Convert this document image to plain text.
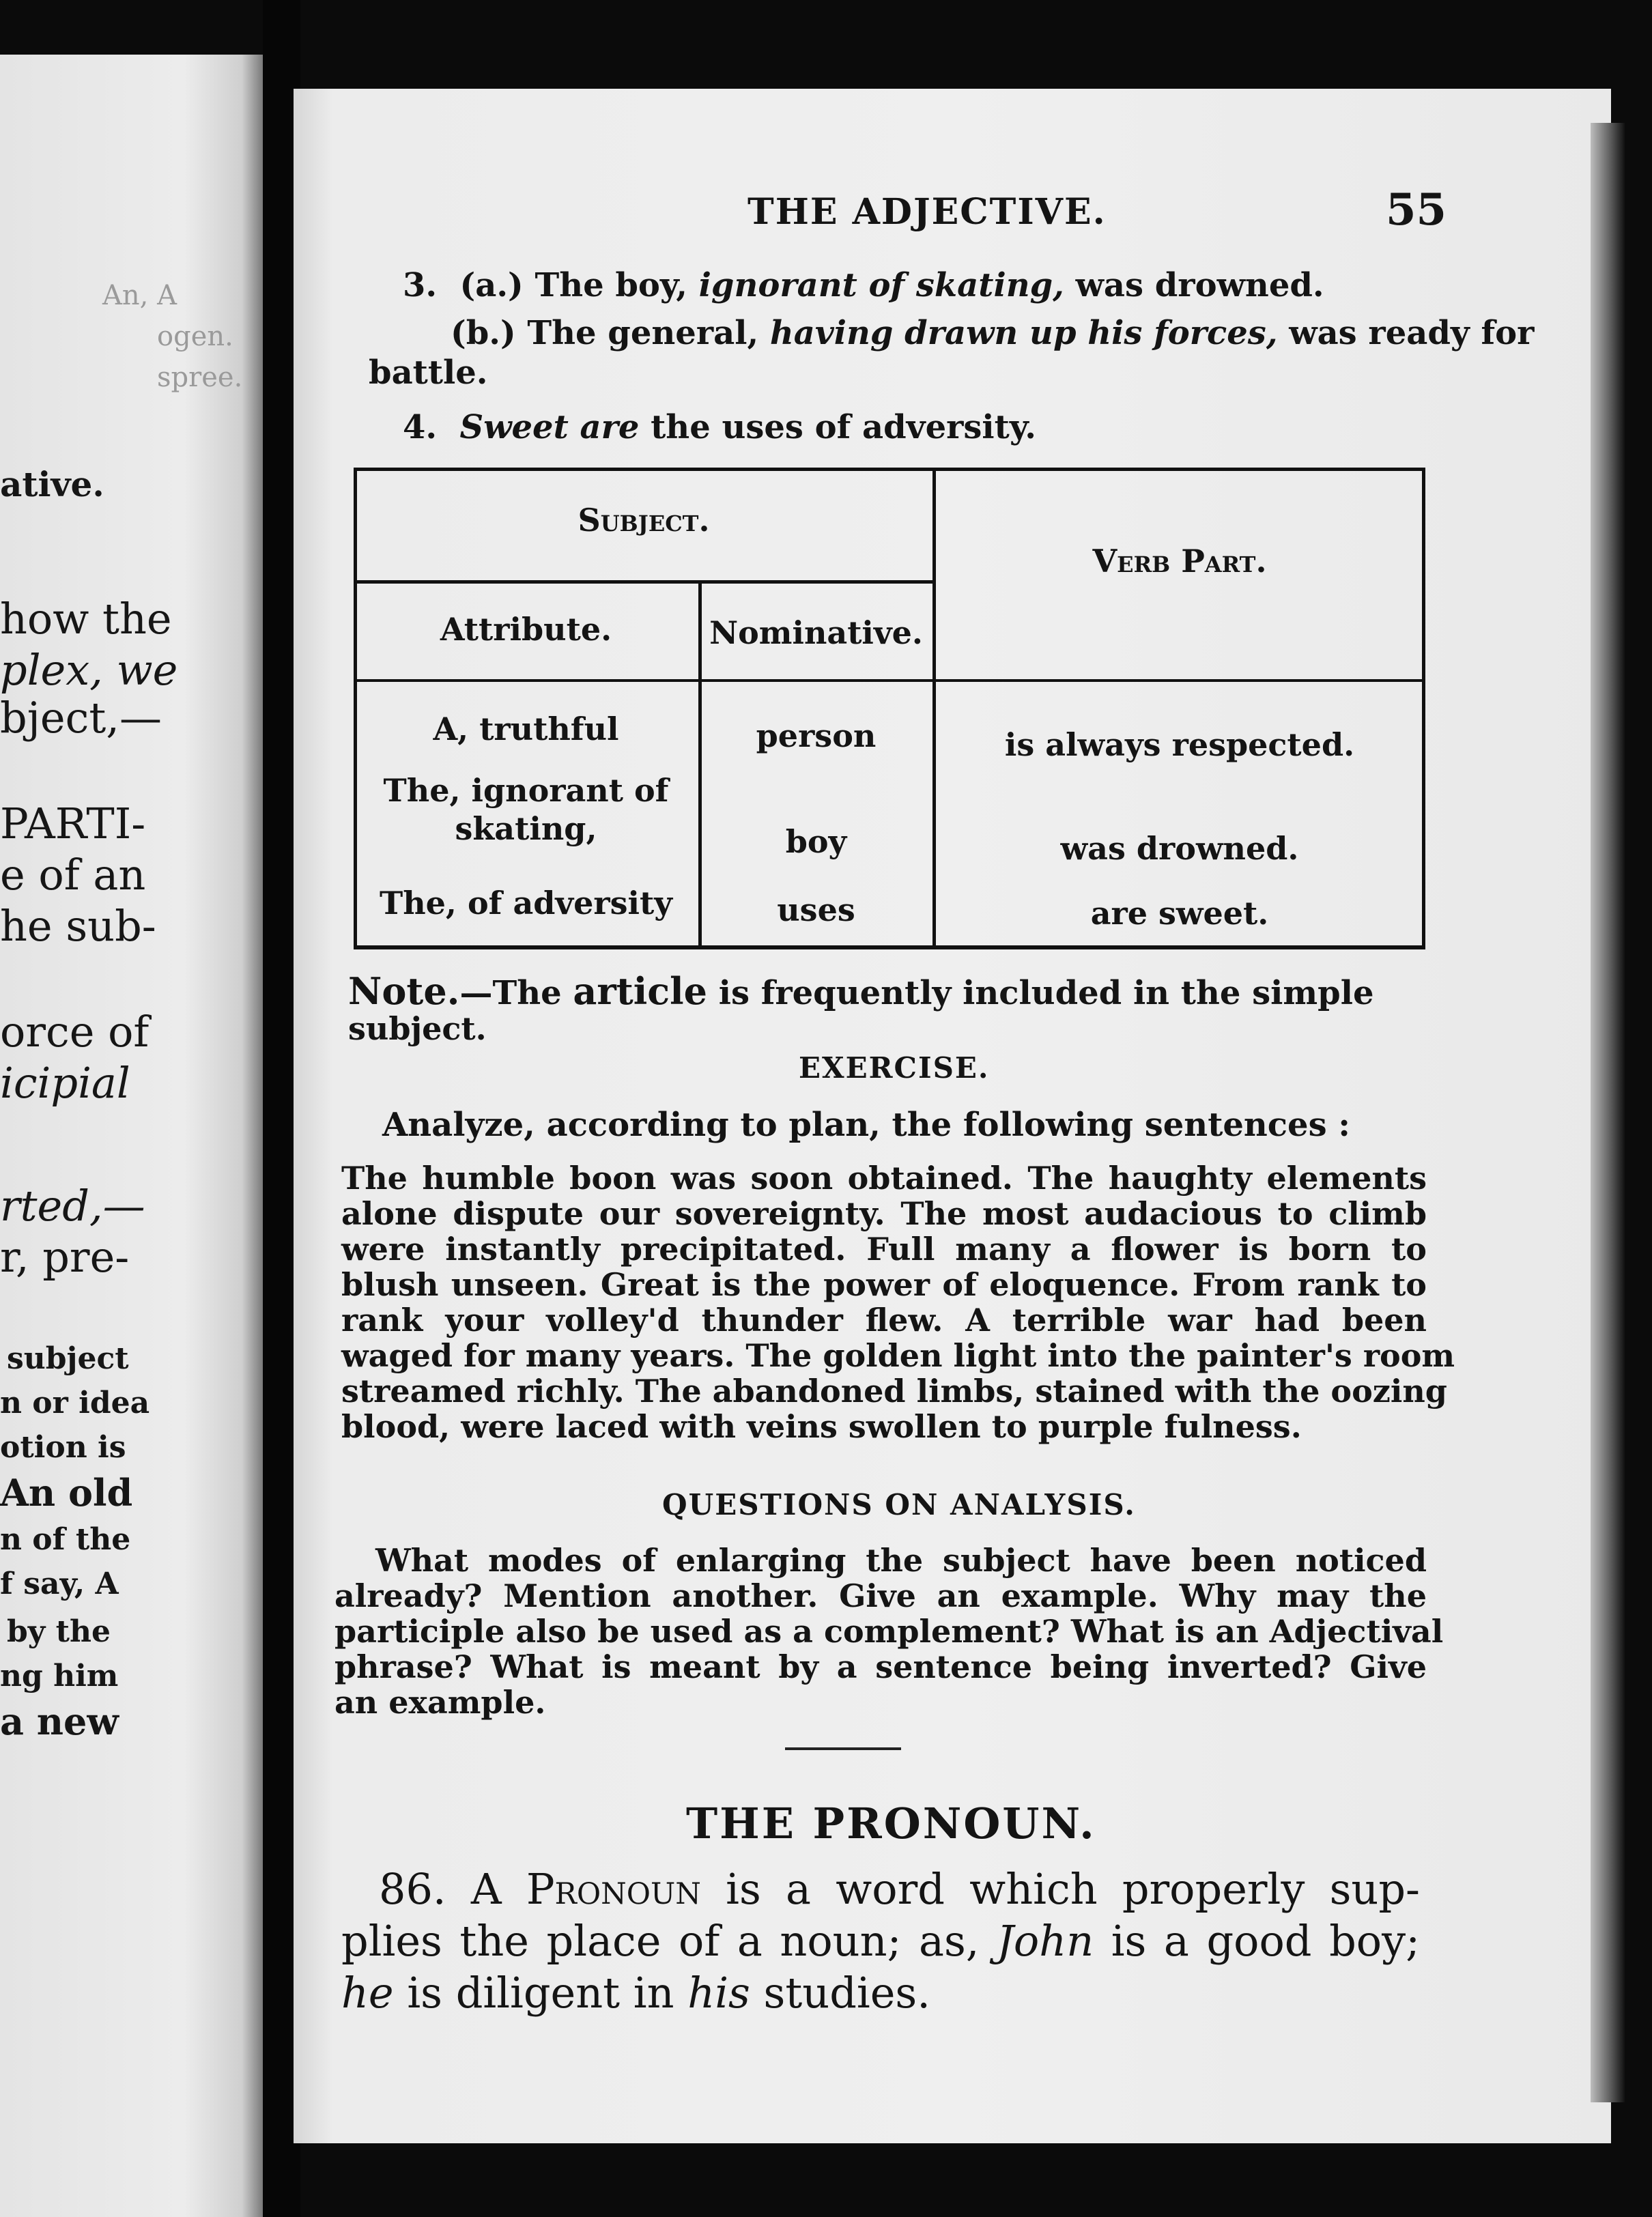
An, A
ogen.
spree.
ative.
how the
plex, we
bject,—
PARTI-
e of an
he sub-
orce of
icipial
rted,—
r, pre-
subject
n or idea
otion is
An old
n of the
f say, A
by the
ng him
a new
THE ADJECTIVE.	55
3. (a.) The boy, ignorant of skating, was drowned.
(b.) The general, having drawn up his forces, was ready for
battle.
4. Sweet are the uses of adversity.
Subject.
Verb Part.
Attribute.	Nominative.
A, truthful	person	is always respected.
The, ignorant of skating,	boy	was drowned.
The, of adversity	uses	are sweet.
Note.—The article is frequently included in the simple
subject.
EXERCISE.
Analyze, according to plan, the following sentences :
The humble boon was soon obtained. The haughty elements
alone dispute our sovereignty. The most audacious to climb
were instantly precipitated. Full many a flower is born to
blush unseen. Great is the power of eloquence. From rank to
rank your volley'd thunder flew. A terrible war had been
waged for many years. The golden light into the painter's room
streamed richly. The abandoned limbs, stained with the oozing
blood, were laced with veins swollen to purple fulness.
QUESTIONS ON ANALYSIS.
What modes of enlarging the subject have been noticed
already? Mention another. Give an example. Why may the
participle also be used as a complement? What is an Adjectival
phrase? What is meant by a sentence being inverted? Give
an example.
THE PRONOUN.
86. A Pronoun is a word which properly sup-
plies the place of a noun; as, John is a good boy;
he is diligent in his studies.
